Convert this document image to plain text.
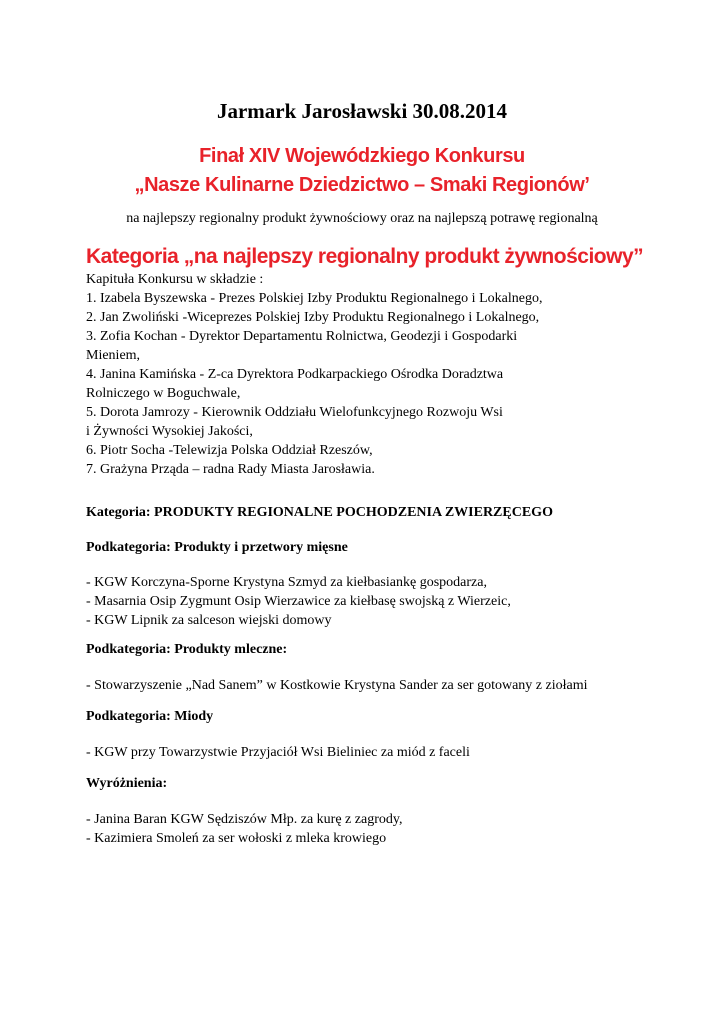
Jarmark Jarosławski 30.08.2014
Finał XIV Wojewódzkiego Konkursu
„Nasze Kulinarne Dziedzictwo – Smaki Regionów’
na najlepszy regionalny produkt żywnościowy oraz na najlepszą potrawę regionalną
Kategoria „na najlepszy regionalny produkt żywnościowy”
Kapituła Konkursu w składzie :
1. Izabela Byszewska - Prezes Polskiej Izby Produktu Regionalnego i Lokalnego,
2. Jan Zwoliński -Wiceprezes Polskiej Izby Produktu Regionalnego i Lokalnego,
3. Zofia Kochan - Dyrektor Departamentu Rolnictwa, Geodezji i Gospodarki
Mieniem,
4. Janina Kamińska - Z-ca Dyrektora Podkarpackiego Ośrodka Doradztwa
Rolniczego w Boguchwale,
5. Dorota Jamrozy - Kierownik Oddziału Wielofunkcyjnego Rozwoju Wsi
i Żywności Wysokiej Jakości,
6. Piotr Socha -Telewizja Polska Oddział Rzeszów,
7. Grażyna Prząda – radna Rady Miasta Jarosławia.
Kategoria: PRODUKTY REGIONALNE POCHODZENIA ZWIERZĘCEGO
Podkategoria: Produkty i przetwory mięsne
- KGW Korczyna-Sporne Krystyna Szmyd za kiełbasiankę gospodarza,
- Masarnia Osip Zygmunt Osip Wierzawice za kiełbasę swojską z Wierzeic,
- KGW Lipnik za salceson wiejski domowy
Podkategoria: Produkty mleczne:
- Stowarzyszenie „Nad Sanem” w Kostkowie Krystyna Sander za ser gotowany z ziołami
Podkategoria: Miody
- KGW przy Towarzystwie Przyjaciół Wsi Bieliniec za miód z faceli
Wyróżnienia:
- Janina Baran KGW Sędziszów Młp. za kurę z zagrody,
- Kazimiera Smoleń za ser wołoski z mleka krowiego
